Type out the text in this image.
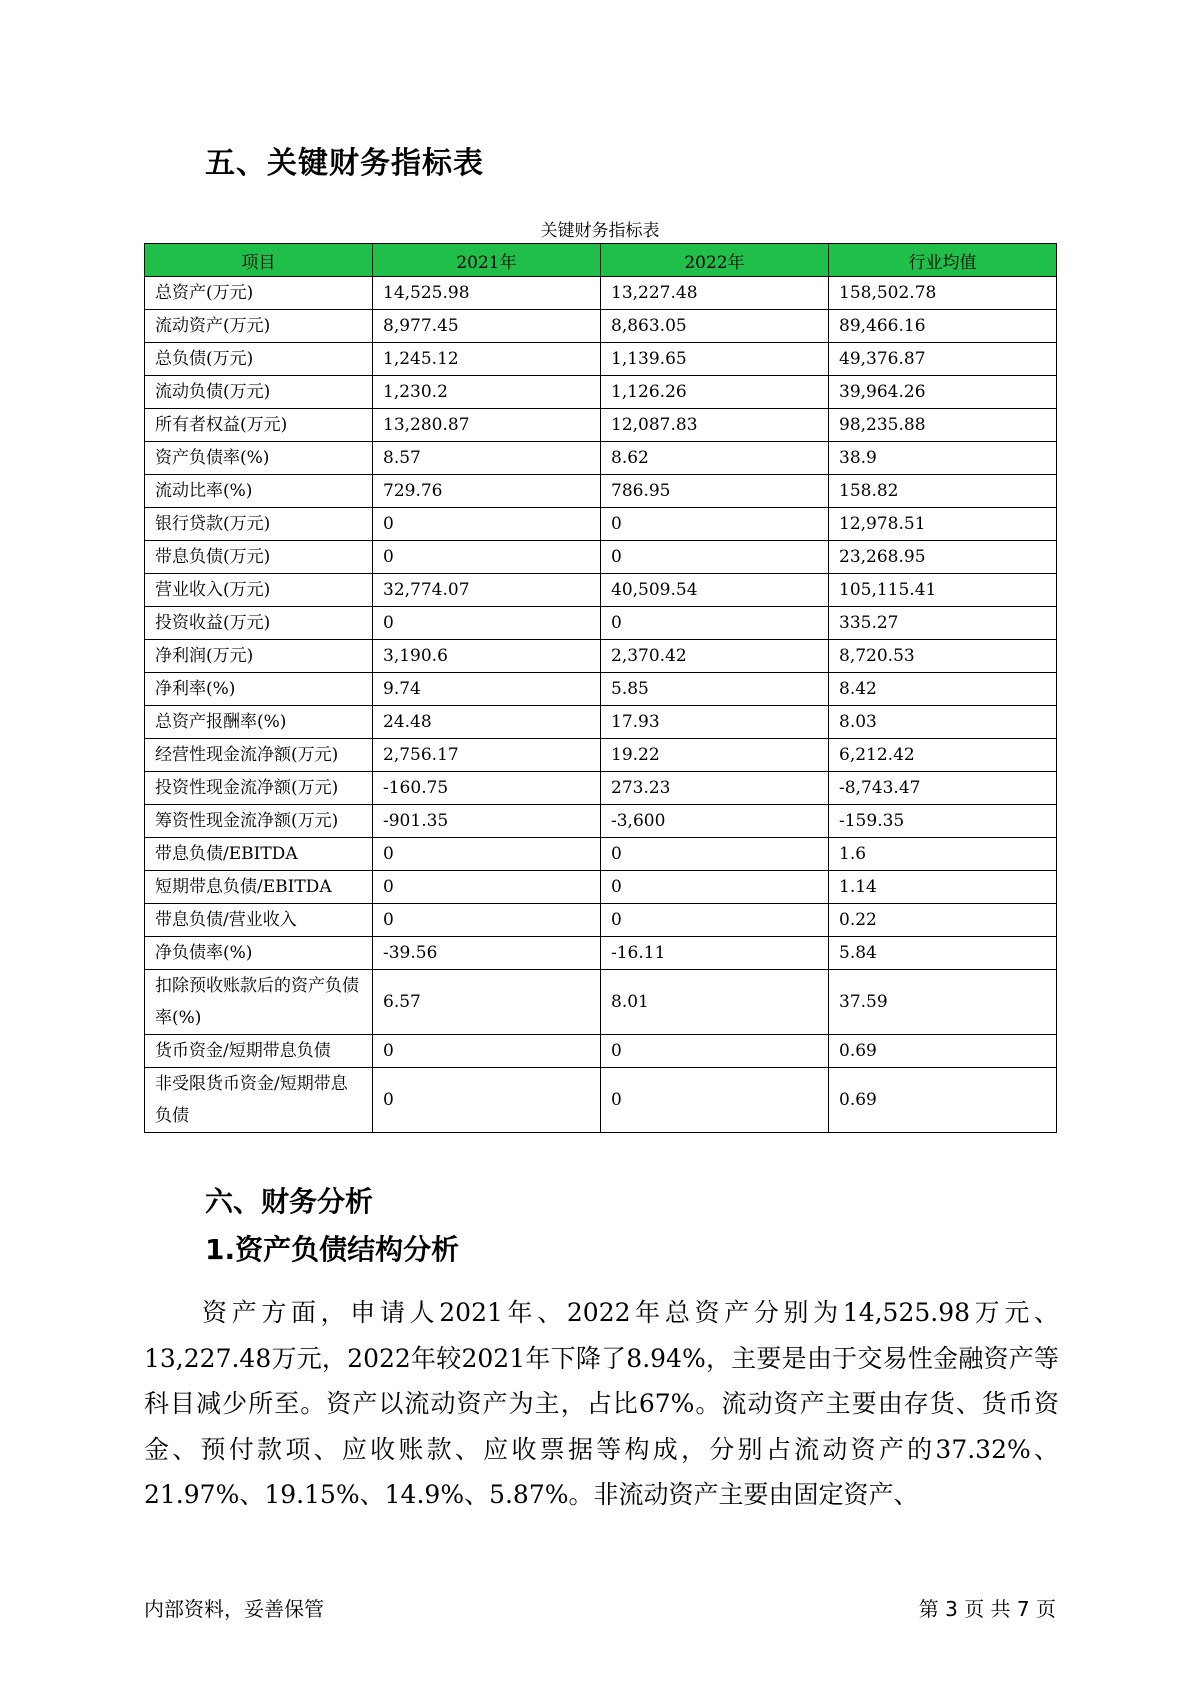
五、关键财务指标表
关键财务指标表
项目	2021年	2022年	行业均值
总资产(万元)	14,525.98	13,227.48	158,502.78
流动资产(万元)	8,977.45	8,863.05	89,466.16
总负债(万元)	1,245.12	1,139.65	49,376.87
流动负债(万元)	1,230.2	1,126.26	39,964.26
所有者权益(万元)	13,280.87	12,087.83	98,235.88
资产负债率(%)	8.57	8.62	38.9
流动比率(%)	729.76	786.95	158.82
银行贷款(万元)	0	0	12,978.51
带息负债(万元)	0	0	23,268.95
营业收入(万元)	32,774.07	40,509.54	105,115.41
投资收益(万元)	0	0	335.27
净利润(万元)	3,190.6	2,370.42	8,720.53
净利率(%)	9.74	5.85	8.42
总资产报酬率(%)	24.48	17.93	8.03
经营性现金流净额(万元)	2,756.17	19.22	6,212.42
投资性现金流净额(万元)	-160.75	273.23	-8,743.47
筹资性现金流净额(万元)	-901.35	-3,600	-159.35
带息负债/EBITDA	0	0	1.6
短期带息负债/EBITDA	0	0	1.14
带息负债/营业收入	0	0	0.22
净负债率(%)	-39.56	-16.11	5.84
扣除预收账款后的资产负债率(%)	6.57	8.01	37.59
货币资金/短期带息负债	0	0	0.69
非受限货币资金/短期带息负债	0	0	0.69
六、财务分析
1.资产负债结构分析

资产方面，申请人2021年、2022年总资产分别为14,525.98万元、13,227.48万元，2022年较2021年下降了8.94%，主要是由于交易性金融资产等科目减少所至。资产以流动资产为主，占比67%。流动资产主要由存货、货币资金、预付款项、应收账款、应收票据等构成，分别占流动资产的37.32%、21.97%、19.15%、14.9%、5.87%。非流动资产主要由固定资产、

内部资料，妥善保管	第 3 页 共 7 页
